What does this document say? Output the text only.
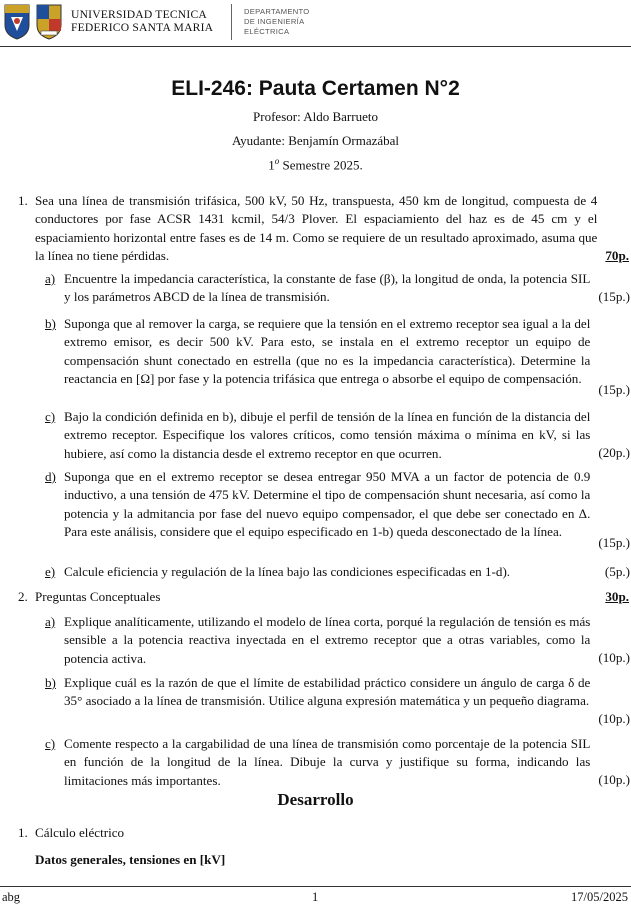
UNIVERSIDAD TECNICA
FEDERICO SANTA MARIA
DEPARTAMENTO
DE INGENIERÍA
ELÉCTRICA
ELI-246: Pauta Certamen N°2
Profesor: Aldo Barrueto
Ayudante: Benjamín Ormazábal
1$^o$ Semestre 2025.
1.
70p.
Sea una línea de transmisión trifásica, 500 kV, 50 Hz, transpuesta, 450 km de longitud, compuesta de 4 conductores por fase ACSR 1431 kcmil, 54/3 Plover. El espaciamiento del haz es de 45 cm y el espaciamiento horizontal entre fases es de 14 m. Como se requiere de un resultado aproximado, asuma que la línea no tiene pérdidas.
a)
(15p.)
Encuentre la impedancia característica, la constante de fase (β), la longitud de onda, la potencia SIL y los parámetros ABCD de la línea de transmisión.
b)
(15p.)
Suponga que al remover la carga, se requiere que la tensión en el extremo receptor sea igual a la del extremo emisor, es decir 500 kV. Para esto, se instala en el extremo receptor un equipo de compensación shunt conectado en estrella (que no es la impedancia característica). Determine la reactancia en [Ω] por fase y la potencia trifásica que entrega o absorbe el equipo de compensación.
c)
(20p.)
Bajo la condición definida en b), dibuje el perfil de tensión de la línea en función de la distancia del extremo receptor. Especifique los valores críticos, como tensión máxima o mínima en kV, si las hubiere, así como la distancia desde el extremo receptor en que ocurren.
d)
(15p.)
Suponga que en el extremo receptor se desea entregar 950 MVA a un factor de potencia de 0.9 inductivo, a una tensión de 475 kV. Determine el tipo de compensación shunt necesaria, así como la potencia y la admitancia por fase del nuevo equipo compensador, el que debe ser conectado en Δ. Para este análisis, considere que el equipo especificado en 1-b) queda desconectado de la línea.
e)	(5p.)
Calcule eficiencia y regulación de la línea bajo las condiciones especificadas en 1-d).
2.	30p.
Preguntas Conceptuales
a)
(10p.)
Explique analíticamente, utilizando el modelo de línea corta, porqué la regulación de tensión es más sensible a la potencia reactiva inyectada en el extremo receptor que a otras variables, como la potencia activa.
b)
(10p.)
Explique cuál es la razón de que el límite de estabilidad práctico considere un ángulo de carga δ de 35° asociado a la línea de transmisión. Utilice alguna expresión matemática y un pequeño diagrama.
c)
(10p.)
Comente respecto a la cargabilidad de una línea de transmisión como porcentaje de la potencia SIL en función de la longitud de la línea. Dibuje la curva y justifique su forma, indicando las limitaciones más importantes.
Desarrollo
1. Cálculo eléctrico
Datos generales, tensiones en [kV]
abg	1	17/05/2025
